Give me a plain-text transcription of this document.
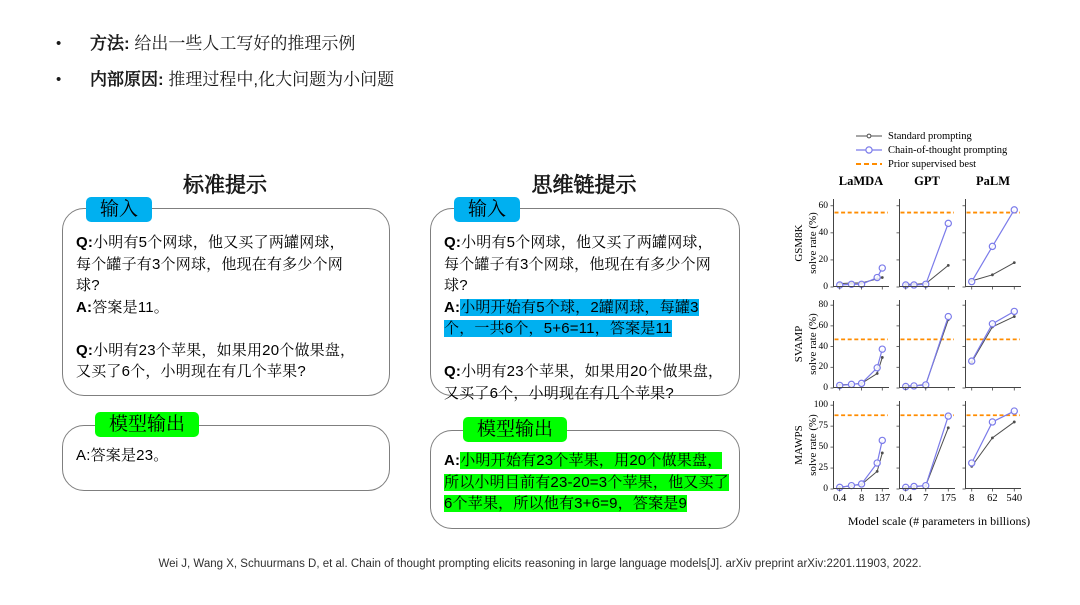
•	方法: 给出一些人工写好的推理示例
•	内部原因: 推理过程中,化大问题为小问题
标准提示	思维链提示
输入
Q:小明有5个网球，他又买了两罐网球，
每个罐子有3个网球，他现在有多少个网
球?
A:答案是11。

Q:小明有23个苹果，如果用20个做果盘，
又买了6个，小明现在有几个苹果?
模型输出
A:答案是23。
输入
Q:小明有5个网球，他又买了两罐网球，
每个罐子有3个网球，他现在有多少个网
球?
A:小明开始有5个球，2罐网球，每罐3
个，一共6个，5+6=11，答案是11

Q:小明有23个苹果，如果用20个做果盘，
又买了6个，小明现在有几个苹果?
模型输出
A:小明开始有23个苹果，用20个做果盘，
所以小明目前有23-20=3个苹果，他又买了
6个苹果，所以他有3+6=9，答案是9
Standard prompting
Chain-of-thought prompting
Prior supervised best
LaMDA	GPT	PaLM
GSM8K solve rate (%)
SVAMP solve rate (%)
MAWPS solve rate (%)
0
20
40
60
0
20
40
60
80
0
25
50
75
100
0.4	8 137 0.4	7	175	8	62 540
Model scale (# parameters in billions)
Wei J, Wang X, Schuurmans D, et al. Chain of thought prompting elicits reasoning in large language models[J]. arXiv preprint arXiv:2201.11903, 2022.
